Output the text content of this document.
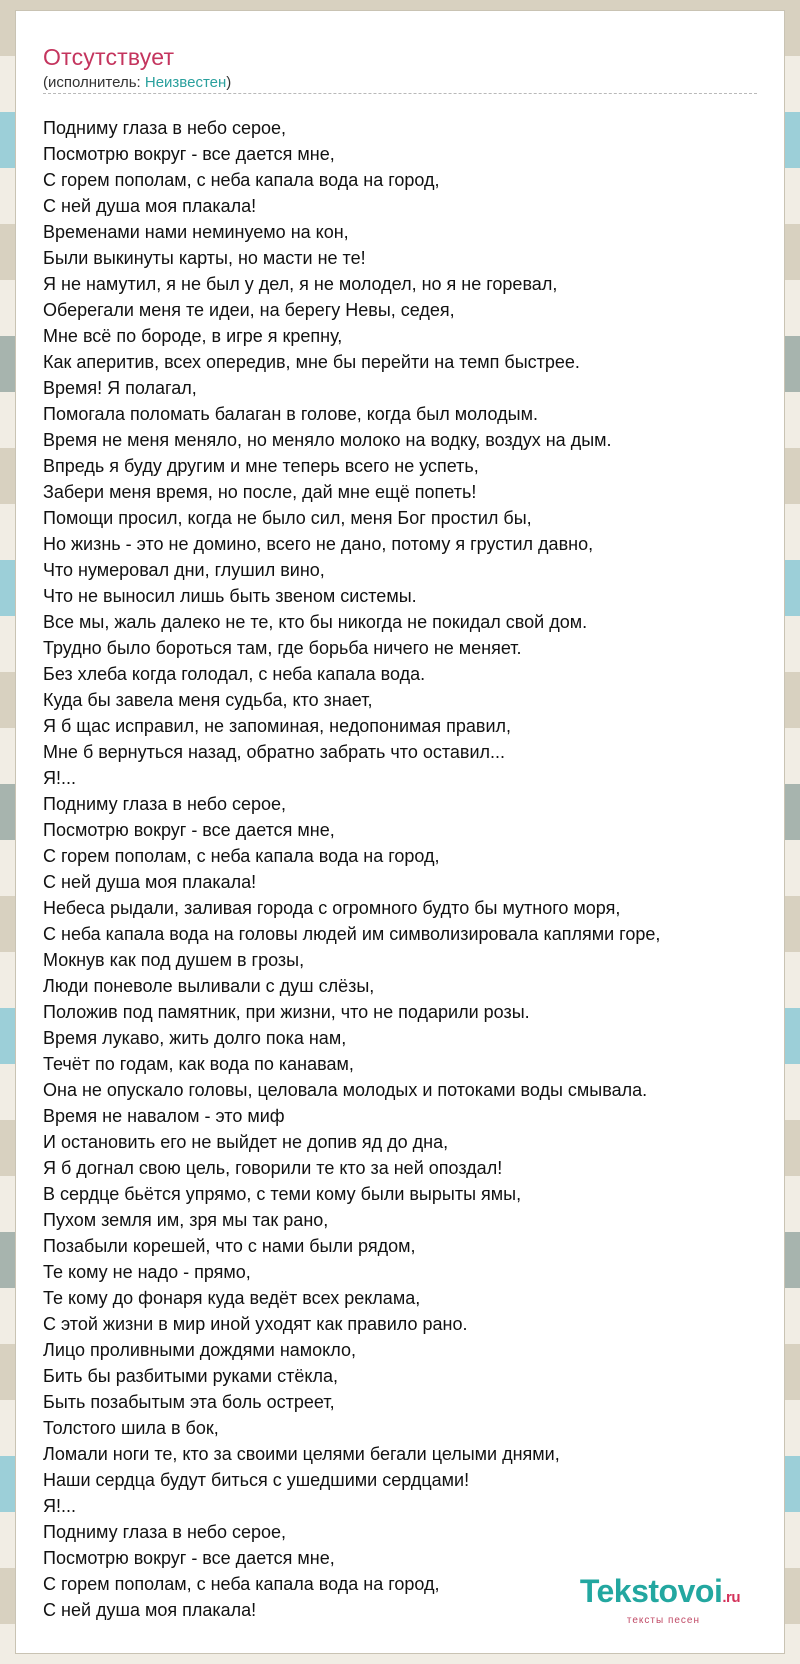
Отсутствует
(исполнитель: Неизвестен)
Подниму глаза в небо серое,
Посмотрю вокруг - все дается мне,
С горем пополам, с неба капала вода на город,
С ней душа моя плакала!
Временами нами неминуемо на кон,
Были выкинуты карты, но масти не те!
Я не намутил, я не был у дел, я не молодел, но я не горевал,
Оберегали меня те идеи, на берегу Невы, седея,
Мне всё по бороде, в игре я крепну,
Как аперитив, всех опередив, мне бы перейти на темп быстрее.
Время! Я полагал,
Помогала поломать балаган в голове, когда был молодым.
Время не меня меняло, но меняло молоко на водку, воздух на дым.
Впредь я буду другим и мне теперь всего не успеть,
Забери меня время, но после, дай мне ещё попеть!
Помощи просил, когда не было сил, меня Бог простил бы,
Но жизнь - это не домино, всего не дано, потому я грустил давно,
Что нумеровал дни, глушил вино,
Что не выносил лишь быть звеном системы.
Все мы, жаль далеко не те, кто бы никогда не покидал свой дом.
Трудно было бороться там, где борьба ничего не меняет.
Без хлеба когда голодал, с неба капала вода.
Куда бы завела меня судьба, кто знает,
Я б щас исправил, не запоминая, недопонимая правил,
Мне б вернуться назад, обратно забрать что оставил...
Я!...
Подниму глаза в небо серое,
Посмотрю вокруг - все дается мне,
С горем пополам, с неба капала вода на город,
С ней душа моя плакала!
Небеса рыдали, заливая города с огромного будто бы мутного моря,
С неба капала вода на головы людей им символизировала каплями горе,
Мокнув как под душем в грозы,
Люди поневоле выливали с душ слёзы,
Положив под памятник, при жизни, что не подарили розы.
Время лукаво, жить долго пока нам,
Течёт по годам, как вода по канавам,
Она не опускало головы, целовала молодых и потоками воды смывала.
Время не навалом - это миф
И остановить его не выйдет не допив яд до дна,
Я б догнал свою цель, говорили те кто за ней опоздал!
В сердце бьётся упрямо, с теми кому были вырыты ямы,
Пухом земля им, зря мы так рано,
Позабыли корешей, что с нами были рядом,
Те кому не надо - прямо,
Те кому до фонаря куда ведёт всех реклама,
С этой жизни в мир иной уходят как правило рано.
Лицо проливными дождями намокло,
Бить бы разбитыми руками стёкла,
Быть позабытым эта боль остреет,
Толстого шила в бок,
Ломали ноги те, кто за своими целями бегали целыми днями,
Наши сердца будут биться с ушедшими сердцами!
Я!...
Подниму глаза в небо серое,
Посмотрю вокруг - все дается мне,
С горем пополам, с неба капала вода на город,
С ней душа моя плакала!
Tekstovoi.ru
тексты песен
